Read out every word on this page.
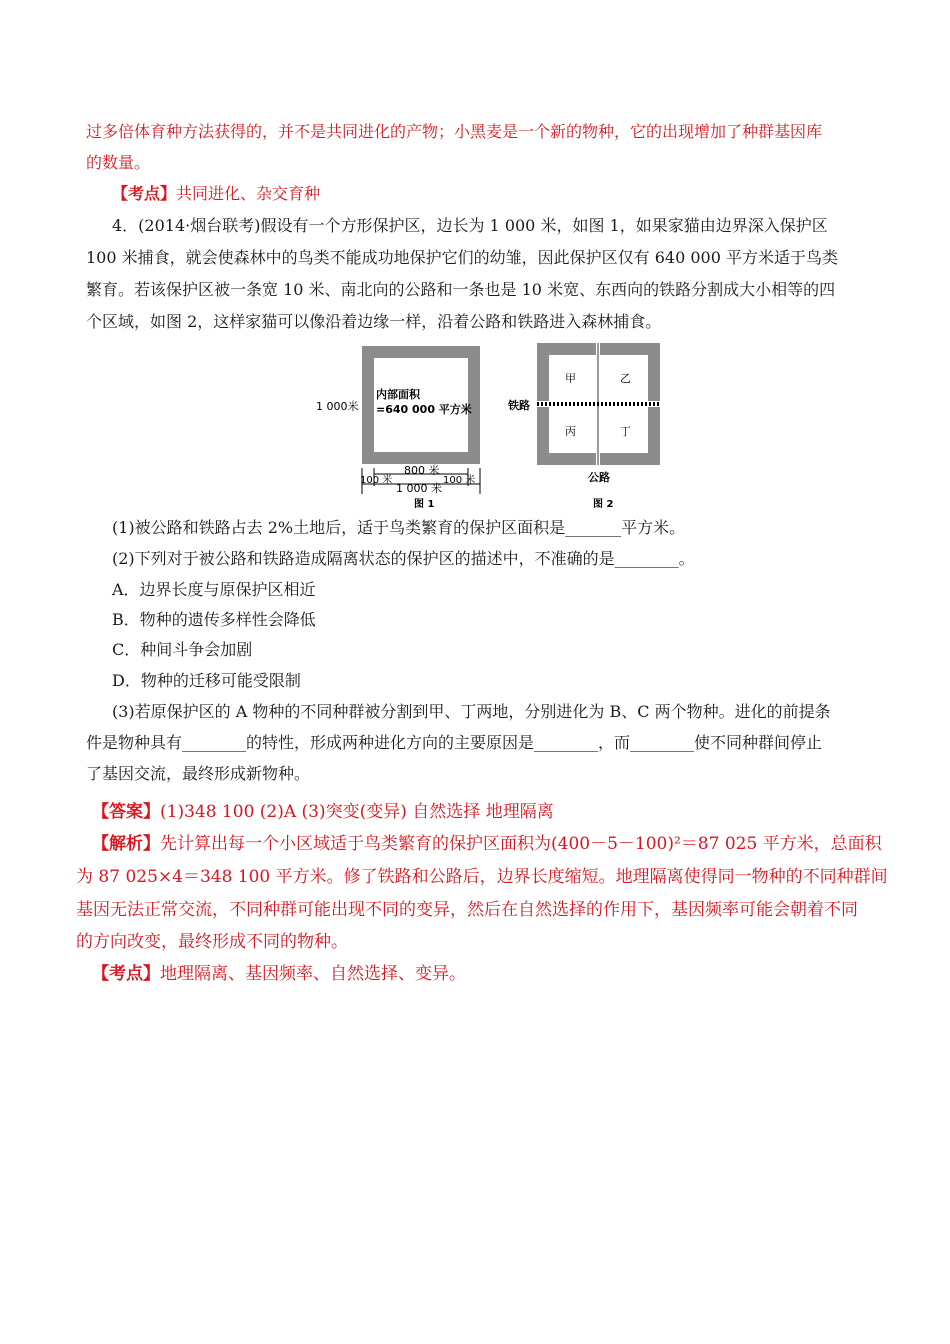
过多倍体育种方法获得的，并不是共同进化的产物；小黑麦是一个新的物种，它的出现增加了种群基因库
的数量。
【考点】共同进化、杂交育种
4．(2014·烟台联考)假设有一个方形保护区，边长为 1 000 米，如图 1，如果家猫由边界深入保护区
100 米捕食，就会使森林中的鸟类不能成功地保护它们的幼雏，因此保护区仅有 640 000 平方米适于鸟类
繁育。若该保护区被一条宽 10 米、南北向的公路和一条也是 10 米宽、东西向的铁路分割成大小相等的四
个区域，如图 2，这样家猫可以像沿着边缘一样，沿着公路和铁路进入森林捕食。
1 000米
内部面积
=640 000 平方米
800 米
100 米	100 米
1 000 米
图 1
甲	乙
丙	丁
铁路
公路
图 2
(1)被公路和铁路占去 2%土地后，适于鸟类繁育的保护区面积是_______平方米。
(2)下列对于被公路和铁路造成隔离状态的保护区的描述中，不准确的是________。
A．边界长度与原保护区相近
B．物种的遗传多样性会降低
C．种间斗争会加剧
D．物种的迁移可能受限制
(3)若原保护区的 A 物种的不同种群被分割到甲、丁两地，分别进化为 B、C 两个物种。进化的前提条
件是物种具有________的特性，形成两种进化方向的主要原因是________，而________使不同种群间停止
了基因交流，最终形成新物种。
【答案】(1)348 100 (2)A (3)突变(变异) 自然选择 地理隔离
【解析】先计算出每一个小区域适于鸟类繁育的保护区面积为(400－5－100)²＝87 025 平方米，总面积
为 87 025×4＝348 100 平方米。修了铁路和公路后，边界长度缩短。地理隔离使得同一物种的不同种群间
基因无法正常交流，不同种群可能出现不同的变异，然后在自然选择的作用下，基因频率可能会朝着不同
的方向改变，最终形成不同的物种。
【考点】地理隔离、基因频率、自然选择、变异。
